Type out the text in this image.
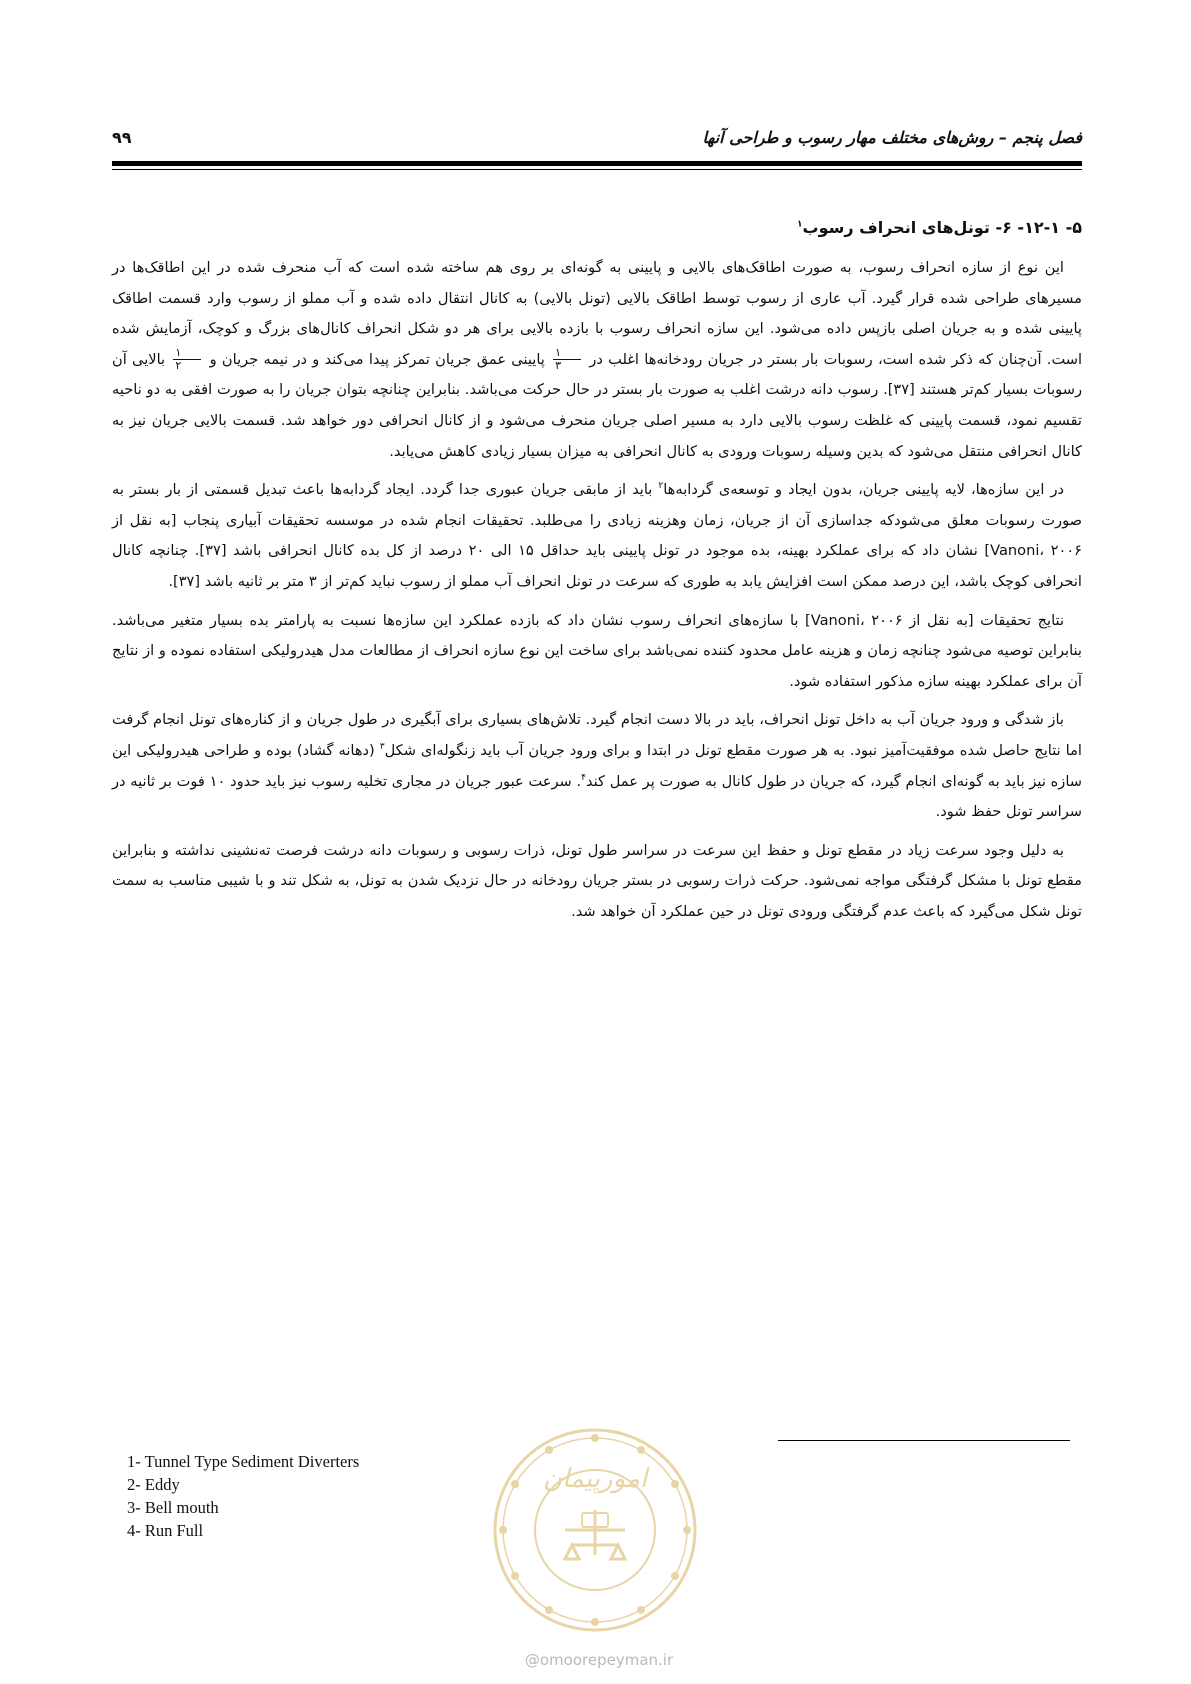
فصل پنجم – روش‌های مختلف مهار رسوب و طراحی آنها
۹۹
۵- ۱۲-۱- ۶- تونل‌های انحراف رسوب$^۱$

این نوع از سازه انحراف رسوب، به صورت اطاقک‌های بالایی و پایینی به گونه‌ای بر روی هم ساخته شده است که آب منحرف شده در این اطاقک‌ها در مسیرهای طراحی شده قرار گیرد. آب عاری از رسوب توسط اطاقک بالایی (تونل بالایی) به کانال انتقال داده شده و آب مملو از رسوب وارد قسمت اطاقک پایینی شده و به جریان اصلی بازپس داده می‌شود. این سازه انحراف رسوب با بازده بالایی برای هر دو شکل انحراف کانال‌های بزرگ و کوچک، آزمایش شده است. آن‌چنان که ذکر شده است، رسوبات بار بستر در جریان رودخانه‌ها اغلب در
$\frac{۱}{۳}$
پایینی عمق جریان تمرکز پیدا می‌کند و در نیمه جریان و
$\frac{۱}{۲}$
بالایی آن رسوبات بسیار کم‌تر هستند [۳۷]. رسوب دانه درشت اغلب به صورت بار بستر در حال حرکت می‌باشد. بنابراین چنانچه بتوان جریان را به صورت افقی به دو ناحیه تقسیم نمود، قسمت پایینی که غلظت رسوب بالایی دارد به مسیر اصلی جریان منحرف می‌شود و از کانال انحرافی دور خواهد شد. قسمت بالایی جریان نیز به کانال انحرافی منتقل می‌شود که بدین وسیله رسوبات ورودی به کانال انحرافی به میزان بسیار زیادی کاهش می‌یابد.

در این سازه‌ها، لایه پایینی جریان، بدون ایجاد و توسعه‌ی گردابه‌ها$^۲$ باید از مابقی جریان عبوری جدا گردد. ایجاد گردابه‌ها باعث تبدیل قسمتی از بار بستر به صورت رسوبات معلق می‌شودکه جداسازی آن از جریان، زمان وهزینه زیادی را می‌طلبد. تحقیقات انجام شده در موسسه تحقیقات آبیاری پنجاب [به نقل از Vanoni، ۲۰۰۶] نشان داد که برای عملکرد بهینه، بده موجود در تونل پایینی باید حداقل ۱۵ الی ۲۰ درصد از کل بده کانال انحرافی باشد [۳۷]. چنانچه کانال انحرافی کوچک باشد، این درصد ممکن است افزایش یابد به طوری که سرعت در تونل انحراف آب مملو از رسوب نباید کم‌تر از ۳ متر بر ثانیه باشد [۳۷].

نتایج تحقیقات [به نقل از Vanoni، ۲۰۰۶] با سازه‌های انحراف رسوب نشان داد که بازده عملکرد این سازه‌ها نسبت به پارامتر بده بسیار متغیر می‌باشد. بنابراین توصیه می‌شود چنانچه زمان و هزینه عامل محدود کننده نمی‌باشد برای ساخت این نوع سازه انحراف از مطالعات مدل هیدرولیکی استفاده نموده و از نتایج آن برای عملکرد بهینه سازه مذکور استفاده شود.

باز شدگی و ورود جریان آب به داخل تونل انحراف، باید در بالا دست انجام گیرد. تلاش‌های بسیاری برای آبگیری در طول جریان و از کناره‌های تونل انجام گرفت اما نتایج حاصل شده موفقیت‌آمیز نبود. به هر صورت مقطع تونل در ابتدا و برای ورود جریان آب باید زنگوله‌ای شکل$^۳$ (دهانه گشاد) بوده و طراحی هیدرولیکی این سازه نیز باید به گونه‌ای انجام گیرد، که جریان در طول کانال به صورت پر عمل کند$^۴$. سرعت عبور جریان در مجاری تخلیه رسوب نیز باید حدود ۱۰ فوت بر ثانیه در سراسر تونل حفظ شود.

به دلیل وجود سرعت زیاد در مقطع تونل و حفظ این سرعت در سراسر طول تونل، ذرات رسوبی و رسوبات دانه درشت فرصت ته‌نشینی نداشته و بنابراین مقطع تونل با مشکل گرفتگی مواجه نمی‌شود. حرکت ذرات رسوبی در بستر جریان رودخانه در حال نزدیک شدن به تونل، به شکل تند و با شیبی مناسب به سمت تونل شکل می‌گیرد که باعث عدم گرفتگی ورودی تونل در حین عملکرد آن خواهد شد.

1- Tunnel Type Sediment Diverters
2- Eddy
3- Bell mouth
4- Run Full
امورپیمان
@omoorepeyman.ir
